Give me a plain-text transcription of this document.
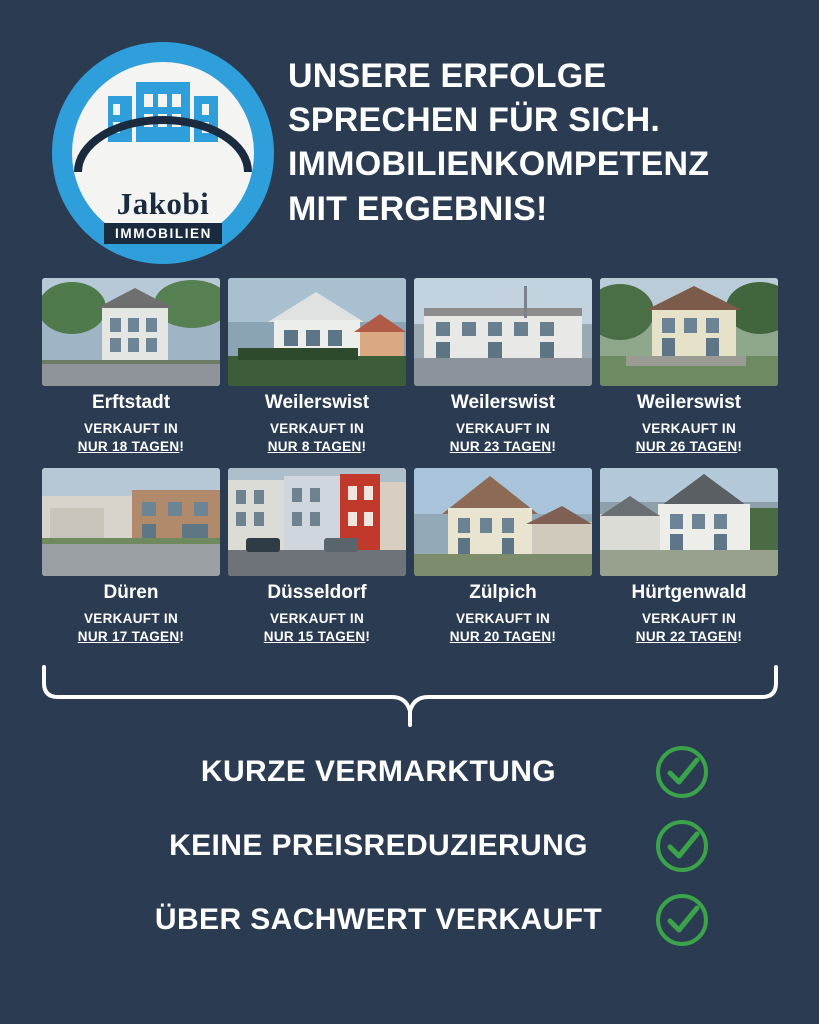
Jakobi
IMMOBILIEN
UNSERE ERFOLGE
SPRECHEN FÜR SICH.
IMMOBILIENKOMPETENZ
MIT ERGEBNIS!
Erftstadt
VERKAUFT IN
NUR 18 TAGEN!
Weilerswist
VERKAUFT IN
NUR 8 TAGEN!
Weilerswist
VERKAUFT IN
NUR 23 TAGEN!
Weilerswist
VERKAUFT IN
NUR 26 TAGEN!
Düren
VERKAUFT IN
NUR 17 TAGEN!
Düsseldorf
VERKAUFT IN
NUR 15 TAGEN!
Zülpich
VERKAUFT IN
NUR 20 TAGEN!
Hürtgenwald
VERKAUFT IN
NUR 22 TAGEN!
KURZE VERMARKTUNG
KEINE PREISREDUZIERUNG
ÜBER SACHWERT VERKAUFT
